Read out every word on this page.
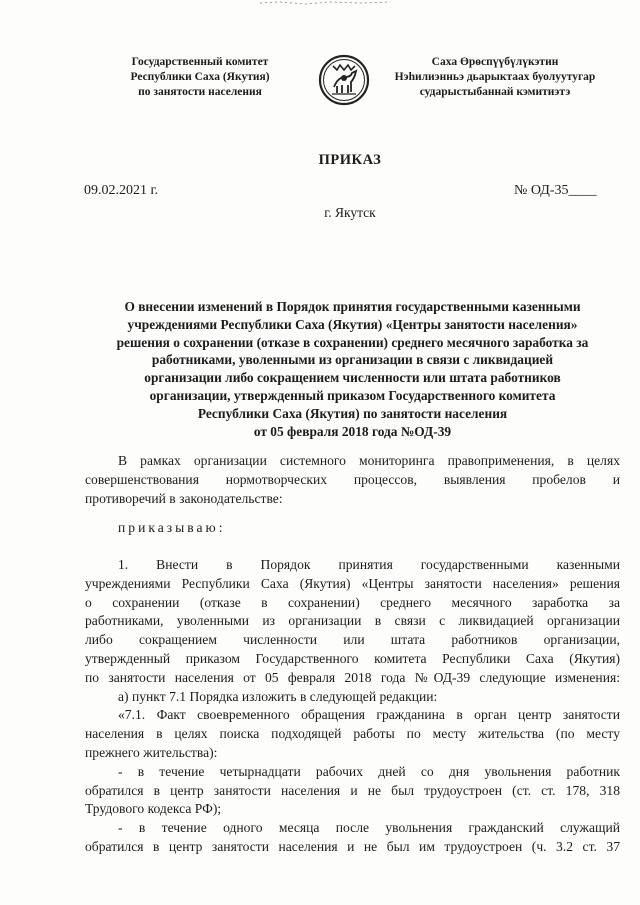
Государственный комитет
Республики Саха (Якутия)
по занятости населения
Саха Өрөспүүбүлүкэтин
Нэһилиэнньэ дьарыктаах буолуутугар
сударыстыбаннай кэмитиэтэ
ПРИКАЗ
09.02.2021 г.	№ ОД-35____
г. Якутск
О внесении изменений в Порядок принятия государственными казенными
учреждениями Республики Саха (Якутия) «Центры занятости населения»
решения о сохранении (отказе в сохранении) среднего месячного заработка за
работниками, уволенными из организации в связи с ликвидацией
организации либо сокращением численности или штата работников
организации, утвержденный приказом Государственного комитета
Республики Саха (Якутия) по занятости населения
от 05 февраля 2018 года №ОД-39
В рамках организации системного мониторинга правоприменения, в целях
совершенствования нормотворческих процессов, выявления пробелов и
противоречий в законодательстве:
приказываю:
1. Внести в Порядок принятия государственными казенными
учреждениями Республики Саха (Якутия) «Центры занятости населения» решения
о сохранении (отказе в сохранении) среднего месячного заработка за
работниками, уволенными из организации в связи с ликвидацией организации
либо сокращением численности или штата работников организации,
утвержденный приказом Государственного комитета Республики Саха (Якутия)
по занятости населения от 05 февраля 2018 года №ОД-39 следующие изменения:
а) пункт 7.1 Порядка изложить в следующей редакции:
«7.1. Факт своевременного обращения гражданина в орган центр занятости
населения в целях поиска подходящей работы по месту жительства (по месту
прежнего жительства):
- в течение четырнадцати рабочих дней со дня увольнения работник
обратился в центр занятости населения и не был трудоустроен (ст. ст. 178, 318
Трудового кодекса РФ);
- в течение одного месяца после увольнения гражданский служащий
обратился в центр занятости населения и не был им трудоустроен (ч. 3.2 ст. 37
